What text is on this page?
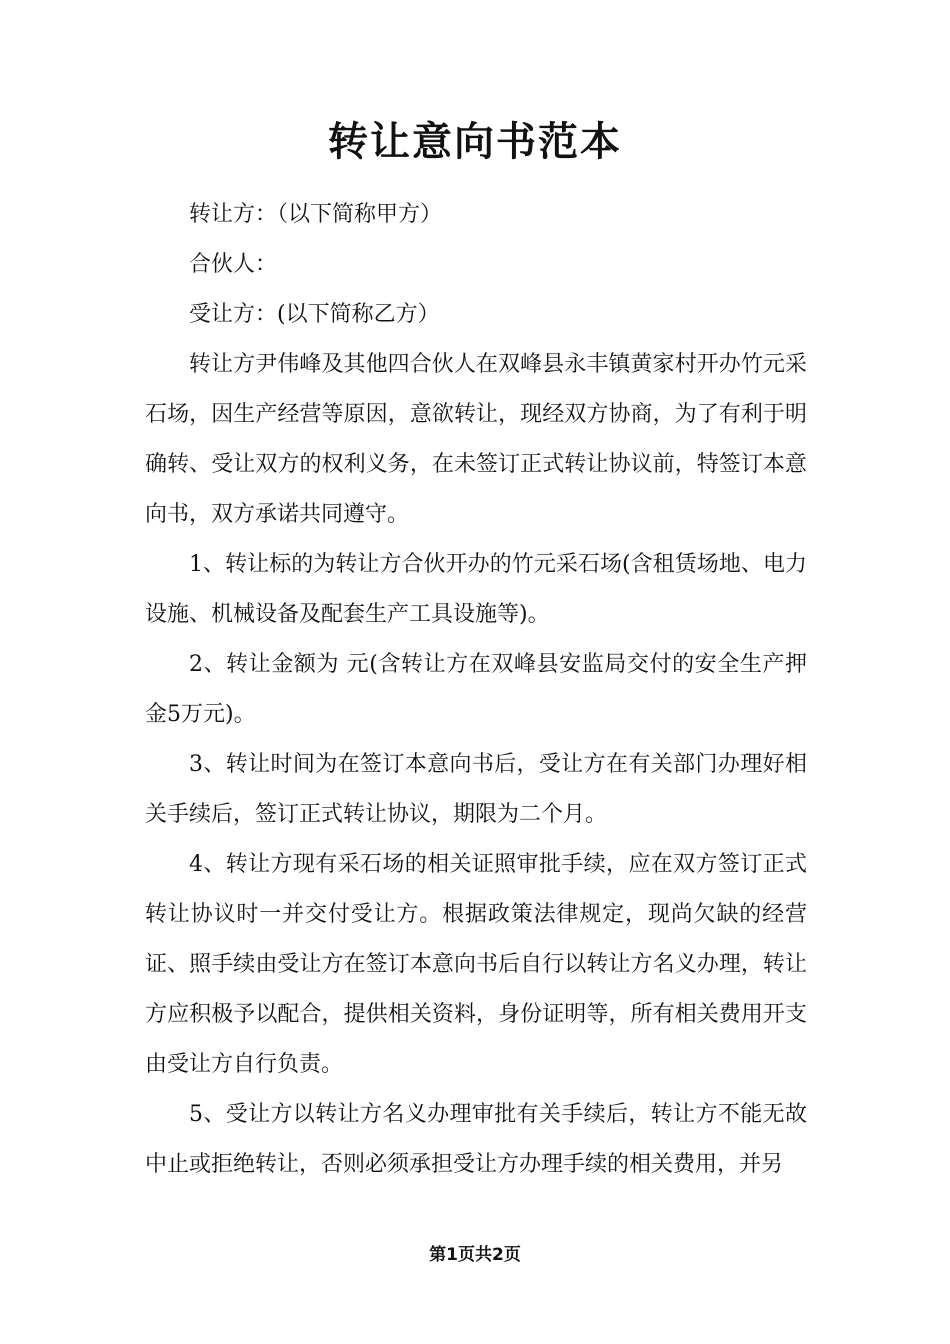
转让意向书范本

转让方：（以下简称甲方）

合伙人：

受让方：(以下简称乙方）

转让方尹伟峰及其他四合伙人在双峰县永丰镇黄家村开办竹元采石场，因生产经营等原因，意欲转让，现经双方协商，为了有利于明确转、受让双方的权利义务，在未签订正式转让协议前，特签订本意向书，双方承诺共同遵守。

1、转让标的为转让方合伙开办的竹元采石场(含租赁场地、电力设施、机械设备及配套生产工具设施等)。

2、转让金额为 元(含转让方在双峰县安监局交付的安全生产押金5万元)。

3、转让时间为在签订本意向书后，受让方在有关部门办理好相关手续后，签订正式转让协议，期限为二个月。

4、转让方现有采石场的相关证照审批手续，应在双方签订正式转让协议时一并交付受让方。根据政策法律规定，现尚欠缺的经营证、照手续由受让方在签订本意向书后自行以转让方名义办理，转让方应积极予以配合，提供相关资料，身份证明等，所有相关费用开支由受让方自行负责。

5、受让方以转让方名义办理审批有关手续后，转让方不能无故中止或拒绝转让，否则必须承担受让方办理手续的相关费用，并另

第1页共2页
